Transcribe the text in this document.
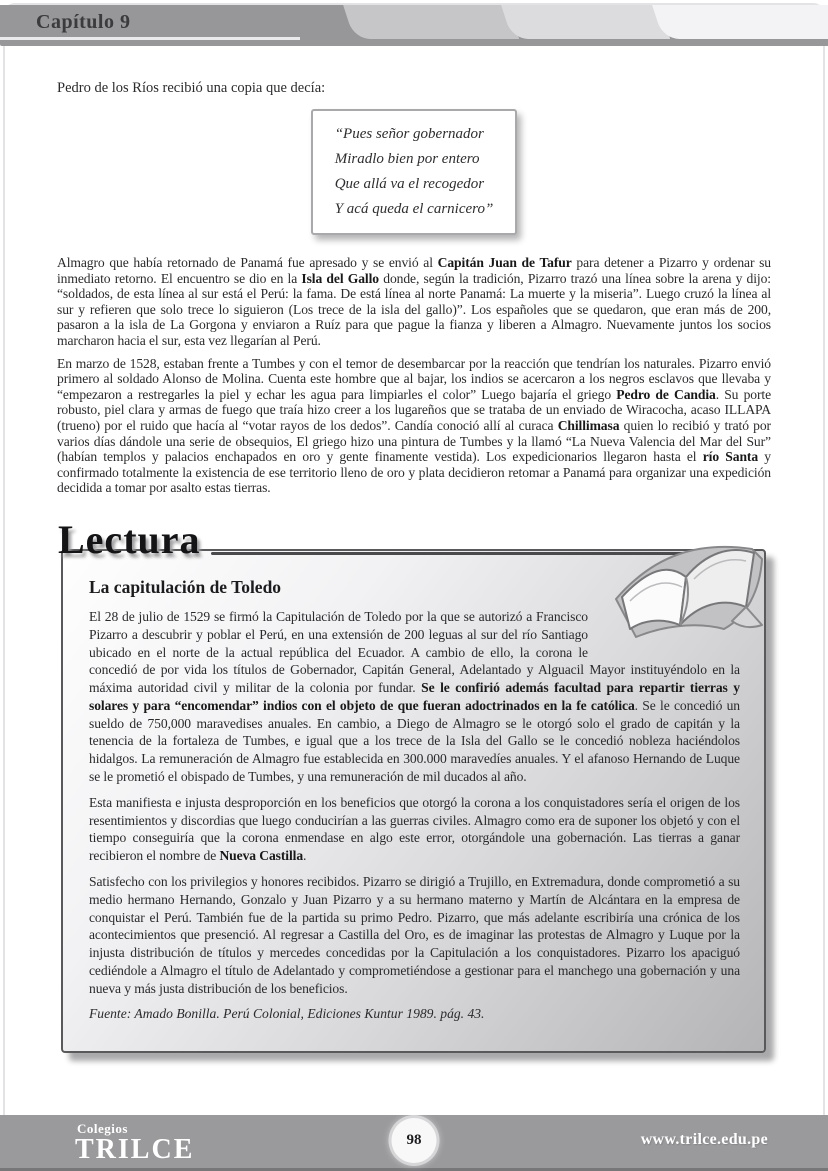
Capítulo 9

Pedro de los Ríos recibió una copia que decía:

“Pues señor gobernador
Miradlo bien por entero
Que allá va el recogedor
Y acá queda el carnicero”

Almagro que había retornado de Panamá fue apresado y se envió al Capitán Juan de Tafur para detener a Pizarro y ordenar su inmediato retorno. El encuentro se dio en la Isla del Gallo donde, según la tradición, Pizarro trazó una línea sobre la arena y dijo: “soldados, de esta línea al sur está el Perú: la fama. De está línea al norte Panamá: La muerte y la miseria”. Luego cruzó la línea al sur y refieren que solo trece lo siguieron (Los trece de la isla del gallo)”. Los españoles que se quedaron, que eran más de 200, pasaron a la isla de La Gorgona y enviaron a Ruíz para que pague la fianza y liberen a Almagro. Nuevamente juntos los socios marcharon hacia el sur, esta vez llegarían al Perú.

En marzo de 1528, estaban frente a Tumbes y con el temor de desembarcar por la reacción que tendrían los naturales. Pizarro envió primero al soldado Alonso de Molina. Cuenta este hombre que al bajar, los indios se acercaron a los negros esclavos que llevaba y “empezaron a restregarles la piel y echar les agua para limpiarles el color” Luego bajaría el griego Pedro de Candia. Su porte robusto, piel clara y armas de fuego que traía hizo creer a los lugareños que se trataba de un enviado de Wiracocha, acaso ILLAPA (trueno) por el ruido que hacía al “votar rayos de los dedos”. Candía conoció allí al curaca Chillimasa quien lo recibió y trató por varios días dándole una serie de obsequios, El griego hizo una pintura de Tumbes y la llamó “La Nueva Valencia del Mar del Sur” (habían templos y palacios enchapados en oro y gente finamente vestida). Los expedicionarios llegaron hasta el río Santa y confirmado totalmente la existencia de ese territorio lleno de oro y plata decidieron retomar a Panamá para organizar una expedición decidida a tomar por asalto estas tierras.

Lectura
La capitulación de Toledo

El 28 de julio de 1529 se firmó la Capitulación de Toledo por la que se autorizó a Francisco Pizarro a descubrir y poblar el Perú, en una extensión de 200 leguas al sur del río Santiago ubicado en el norte de la actual república del Ecuador. A cambio de ello, la corona le concedió de por vida los títulos de Gobernador, Capitán General, Adelantado y Alguacil Mayor instituyéndolo en la máxima autoridad civil y militar de la colonia por fundar. Se le confirió además facultad para repartir tierras y solares y para “encomendar” indios con el objeto de que fueran adoctrinados en la fe católica. Se le concedió un sueldo de 750,000 maravedises anuales. En cambio, a Diego de Almagro se le otorgó solo el grado de capitán y la tenencia de la fortaleza de Tumbes, e igual que a los trece de la Isla del Gallo se le concedió nobleza haciéndolos hidalgos. La remuneración de Almagro fue establecida en 300.000 maravedíes anuales. Y el afanoso Hernando de Luque se le prometió el obispado de Tumbes, y una remuneración de mil ducados al año.

Esta manifiesta e injusta desproporción en los beneficios que otorgó la corona a los conquistadores sería el origen de los resentimientos y discordias que luego conducirían a las guerras civiles. Almagro como era de suponer los objetó y con el tiempo conseguiría que la corona enmendase en algo este error, otorgándole una gobernación. Las tierras a ganar recibieron el nombre de Nueva Castilla.

Satisfecho con los privilegios y honores recibidos. Pizarro se dirigió a Trujillo, en Extremadura, donde comprometió a su medio hermano Hernando, Gonzalo y Juan Pizarro y a su hermano materno y Martín de Alcántara en la empresa de conquistar el Perú. También fue de la partida su primo Pedro. Pizarro, que más adelante escribiría una crónica de los acontecimientos que presenció. Al regresar a Castilla del Oro, es de imaginar las protestas de Almagro y Luque por la injusta distribución de títulos y mercedes concedidas por la Capitulación a los conquistadores. Pizarro los apaciguó cediéndole a Almagro el título de Adelantado y comprometiéndose a gestionar para el manchego una gobernación y una nueva y más justa distribución de los beneficios.

Fuente: Amado Bonilla. Perú Colonial, Ediciones Kuntur 1989. pág. 43.

Colegios
TRILCE	98	www.trilce.edu.pe
